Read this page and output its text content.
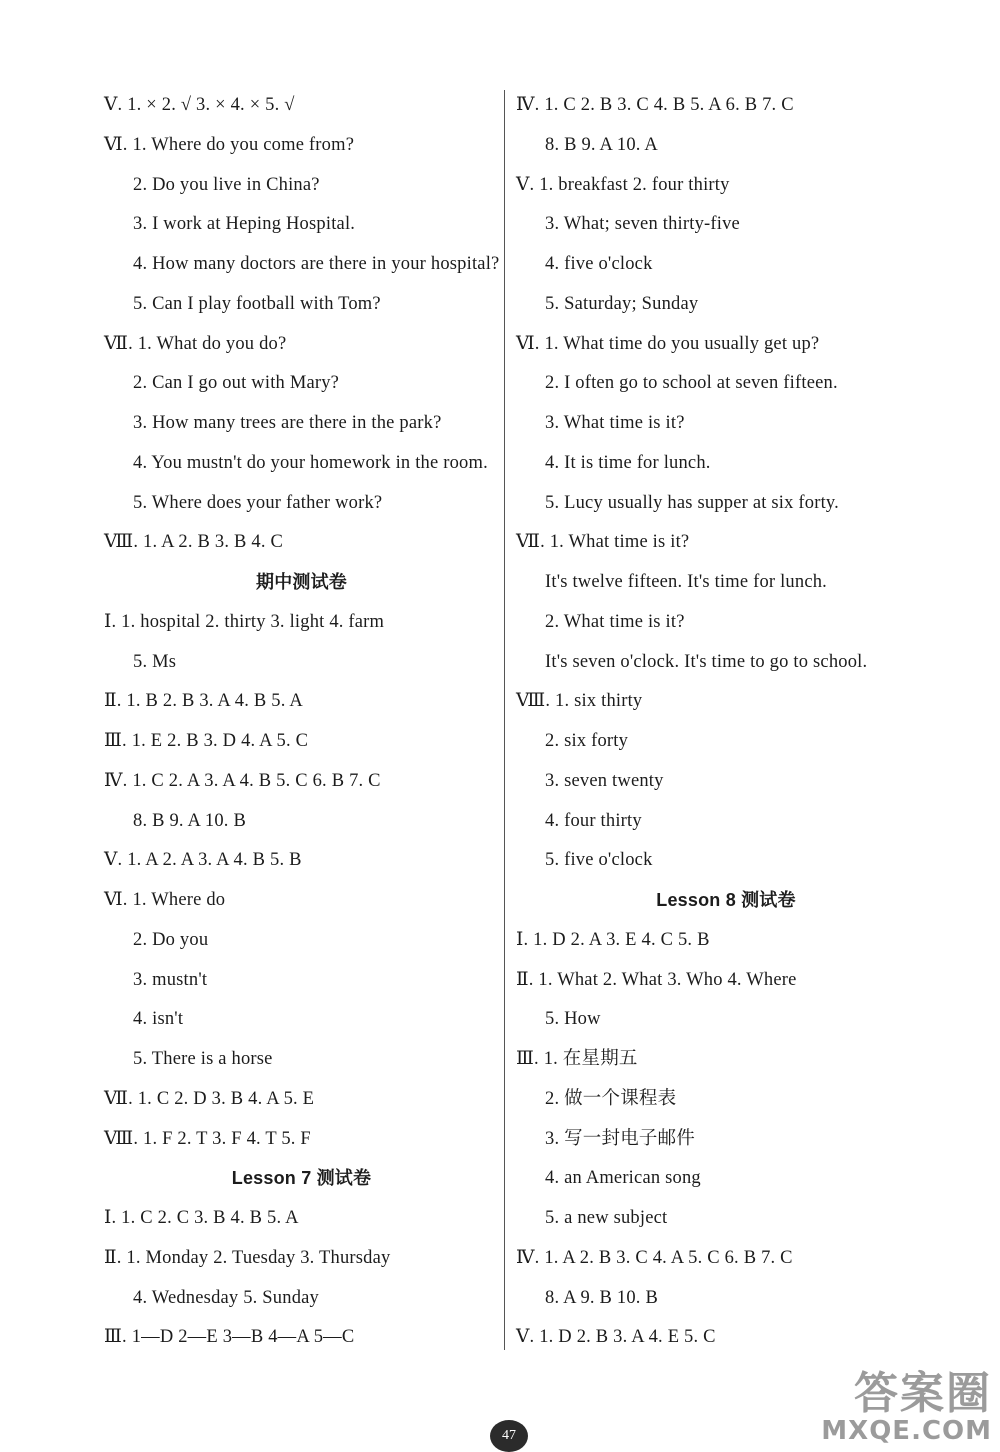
Ⅴ. 1. × 2. √ 3. × 4. × 5. √
Ⅵ. 1. Where do you come from?
2. Do you live in China?
3. I work at Heping Hospital.
4. How many doctors are there in your hospital?
5. Can I play football with Tom?
Ⅶ. 1. What do you do?
2. Can I go out with Mary?
3. How many trees are there in the park?
4. You mustn't do your homework in the room.
5. Where does your father work?
Ⅷ. 1. A 2. B 3. B 4. C
期中测试卷
Ⅰ. 1. hospital 2. thirty 3. light 4. farm
5. Ms
Ⅱ. 1. B 2. B 3. A 4. B 5. A
Ⅲ. 1. E 2. B 3. D 4. A 5. C
Ⅳ. 1. C 2. A 3. A 4. B 5. C 6. B 7. C
8. B 9. A 10. B
Ⅴ. 1. A 2. A 3. A 4. B 5. B
Ⅵ. 1. Where do
2. Do you
3. mustn't
4. isn't
5. There is a horse
Ⅶ. 1. C 2. D 3. B 4. A 5. E
Ⅷ. 1. F 2. T 3. F 4. T 5. F
Lesson 7 测试卷
Ⅰ. 1. C 2. C 3. B 4. B 5. A
Ⅱ. 1. Monday 2. Tuesday 3. Thursday
4. Wednesday 5. Sunday
Ⅲ. 1—D 2—E 3—B 4—A 5—C
Ⅳ. 1. C 2. B 3. C 4. B 5. A 6. B 7. C
8. B 9. A 10. A
Ⅴ. 1. breakfast 2. four thirty
3. What; seven thirty-five
4. five o'clock
5. Saturday; Sunday
Ⅵ. 1. What time do you usually get up?
2. I often go to school at seven fifteen.
3. What time is it?
4. It is time for lunch.
5. Lucy usually has supper at six forty.
Ⅶ. 1. What time is it?
It's twelve fifteen. It's time for lunch.
2. What time is it?
It's seven o'clock. It's time to go to school.
Ⅷ. 1. six thirty
2. six forty
3. seven twenty
4. four thirty
5. five o'clock
Lesson 8 测试卷
Ⅰ. 1. D 2. A 3. E 4. C 5. B
Ⅱ. 1. What 2. What 3. Who 4. Where
5. How
Ⅲ. 1. 在星期五
2. 做一个课程表
3. 写一封电子邮件
4. an American song
5. a new subject
Ⅳ. 1. A 2. B 3. C 4. A 5. C 6. B 7. C
8. A 9. B 10. B
Ⅴ. 1. D 2. B 3. A 4. E 5. C
47
答案圈
MXQE.COM
